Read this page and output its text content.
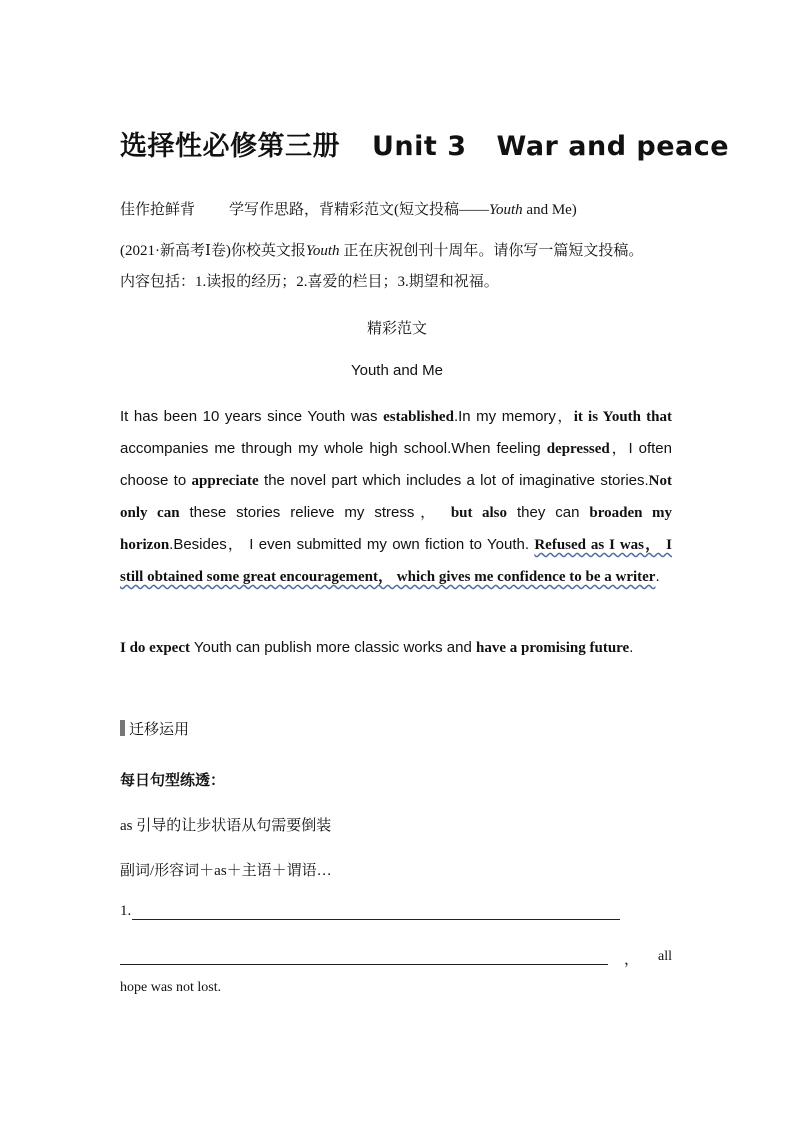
选择性必修第三册 Unit 3 War and peace
佳作抢鲜背 学写作思路，背精彩范文(短文投稿——Youth and Me)
(2021·新高考Ⅰ卷)你校英文报Youth 正在庆祝创刊十周年。请你写一篇短文投稿。
内容包括：1.读报的经历；2.喜爱的栏目；3.期望和祝福。
精彩范文
Youth and Me
It has been 10 years since Youth was established.In my memory，it is Youth that accompanies me through my whole high school.When feeling depressed，I often choose to appreciate the novel part which includes a lot of imaginative stories.Not only can these stories relieve my stress， but also they can broaden my horizon.Besides， I even submitted my own fiction to Youth. Refused as I was， I still obtained some great encouragement， which gives me confidence to be a writer.
I do expect Youth can publish more classic works and have a promising future.
迁移运用
每日句型练透：
as 引导的让步状语从句需要倒装
副词/形容词＋as＋主语＋谓语…
1.
， all
hope was not lost.
